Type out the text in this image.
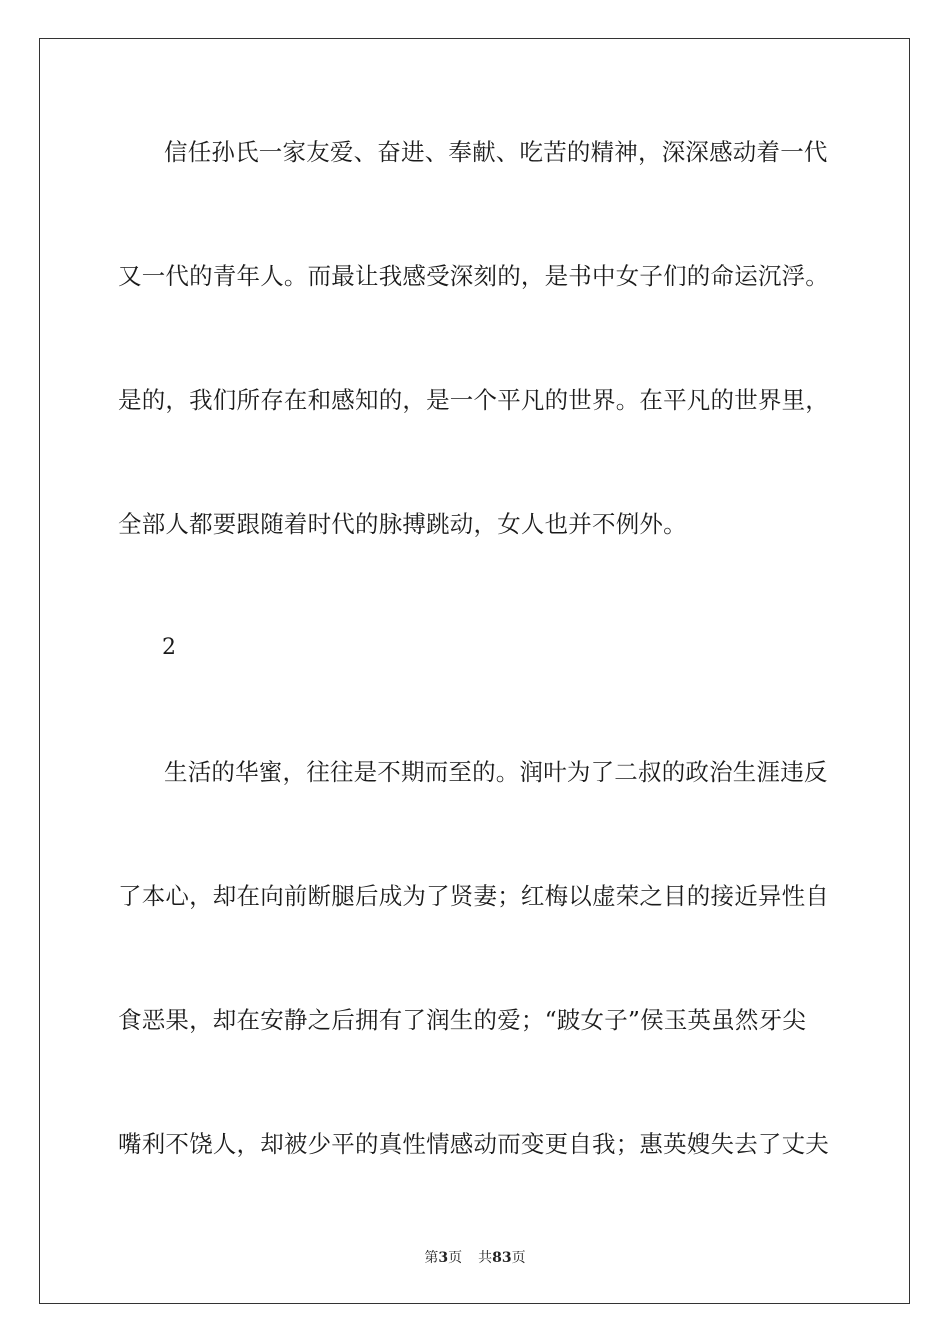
信任孙氏一家友爱、奋进、奉献、吃苦的精神，深深感动着一代
又一代的青年人。而最让我感受深刻的，是书中女子们的命运沉浮。
是的，我们所存在和感知的，是一个平凡的世界。在平凡的世界里，
全部人都要跟随着时代的脉搏跳动，女人也并不例外。
2
生活的华蜜，往往是不期而至的。润叶为了二叔的政治生涯违反
了本心，却在向前断腿后成为了贤妻；红梅以虚荣之目的接近异性自
食恶果，却在安静之后拥有了润生的爱；“跛女子”侯玉英虽然牙尖
嘴利不饶人，却被少平的真性情感动而变更自我；惠英嫂失去了丈夫
第3页 共83页
